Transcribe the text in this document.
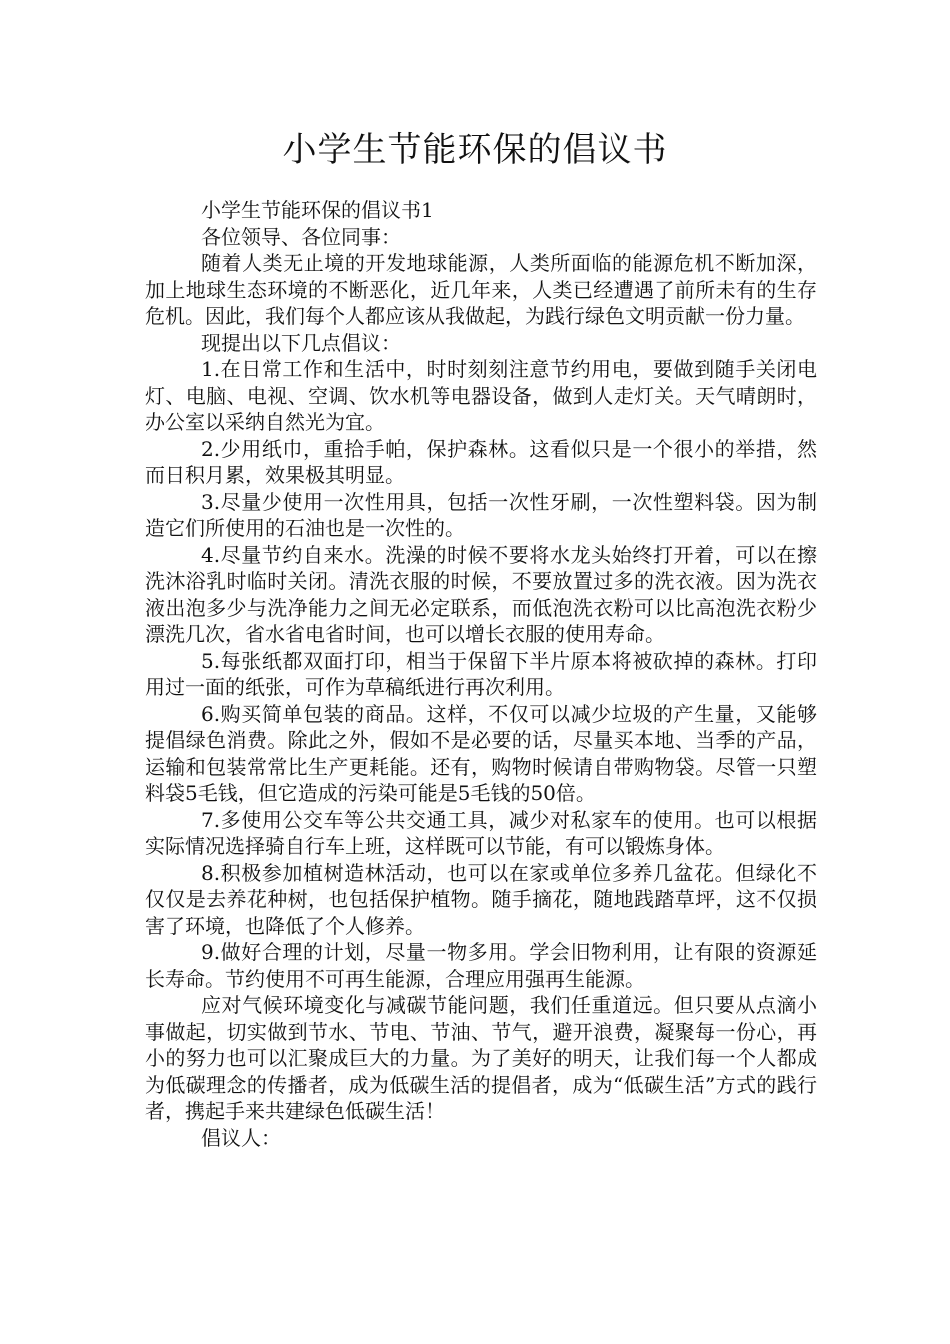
小学生节能环保的倡议书

小学生节能环保的倡议书1

各位领导、各位同事：

随着人类无止境的开发地球能源，人类所面临的能源危机不断加深，加上地球生态环境的不断恶化，近几年来，人类已经遭遇了前所未有的生存危机。因此，我们每个人都应该从我做起，为践行绿色文明贡献一份力量。

现提出以下几点倡议：

1.在日常工作和生活中，时时刻刻注意节约用电，要做到随手关闭电灯、电脑、电视、空调、饮水机等电器设备，做到人走灯关。天气晴朗时，办公室以采纳自然光为宜。

2.少用纸巾，重拾手帕，保护森林。这看似只是一个很小的举措，然而日积月累，效果极其明显。

3.尽量少使用一次性用具，包括一次性牙刷，一次性塑料袋。因为制造它们所使用的石油也是一次性的。

4.尽量节约自来水。洗澡的时候不要将水龙头始终打开着，可以在擦洗沐浴乳时临时关闭。清洗衣服的时候，不要放置过多的洗衣液。因为洗衣液出泡多少与洗净能力之间无必定联系，而低泡洗衣粉可以比高泡洗衣粉少漂洗几次，省水省电省时间，也可以增长衣服的使用寿命。

5.每张纸都双面打印，相当于保留下半片原本将被砍掉的森林。打印用过一面的纸张，可作为草稿纸进行再次利用。

6.购买简单包装的商品。这样，不仅可以减少垃圾的产生量，又能够提倡绿色消费。除此之外，假如不是必要的话，尽量买本地、当季的产品，运输和包装常常比生产更耗能。还有，购物时候请自带购物袋。尽管一只塑料袋5毛钱，但它造成的污染可能是5毛钱的50倍。

7.多使用公交车等公共交通工具，减少对私家车的使用。也可以根据实际情况选择骑自行车上班，这样既可以节能，有可以锻炼身体。

8.积极参加植树造林活动，也可以在家或单位多养几盆花。但绿化不仅仅是去养花种树，也包括保护植物。随手摘花，随地践踏草坪，这不仅损害了环境，也降低了个人修养。

9.做好合理的计划，尽量一物多用。学会旧物利用，让有限的资源延长寿命。节约使用不可再生能源，合理应用强再生能源。

应对气候环境变化与减碳节能问题，我们任重道远。但只要从点滴小事做起，切实做到节水、节电、节油、节气，避开浪费，凝聚每一份心，再小的努力也可以汇聚成巨大的力量。为了美好的明天，让我们每一个人都成为低碳理念的传播者，成为低碳生活的提倡者，成为“低碳生活”方式的践行者，携起手来共建绿色低碳生活！

倡议人：
